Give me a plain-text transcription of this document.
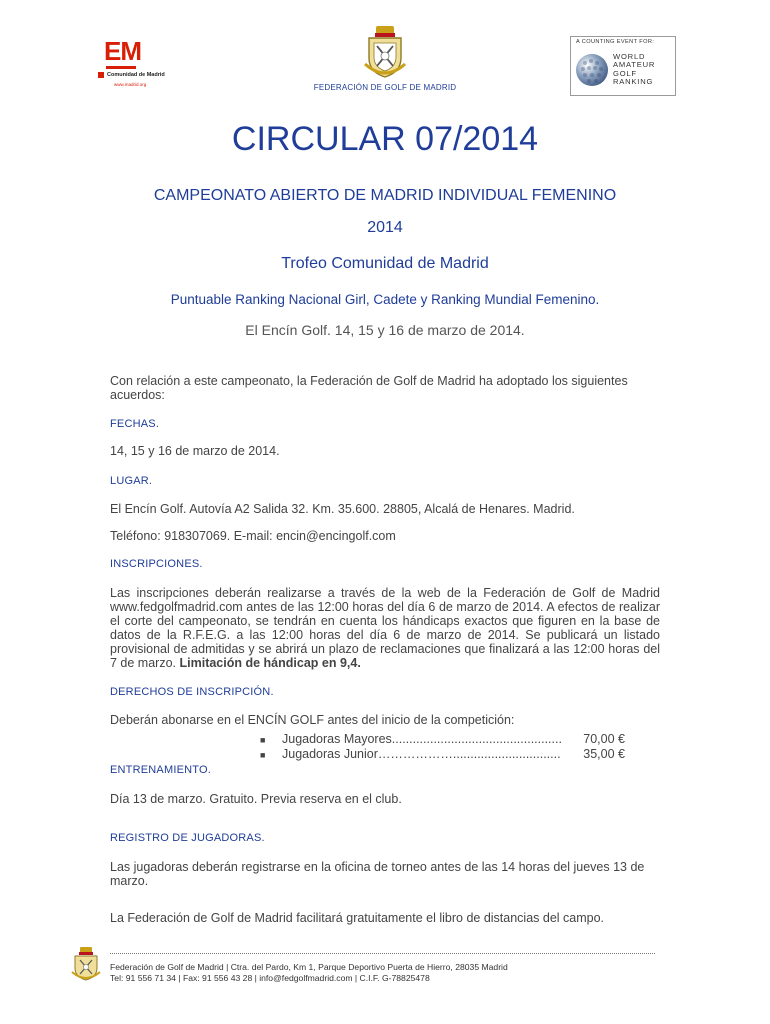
EM
Comunidad de Madrid
www.madrid.org	FEDERACIÓN DE GOLF DE MADRID
A COUNTING EVENT FOR:
WORLD
AMATEUR
GOLF
RANKING
CIRCULAR 07/2014
CAMPEONATO ABIERTO DE MADRID INDIVIDUAL FEMENINO
2014
Trofeo Comunidad de Madrid
Puntuable Ranking Nacional Girl, Cadete y Ranking Mundial Femenino.
El Encín Golf. 14, 15 y 16 de marzo de 2014.
Con relación a este campeonato, la Federación de Golf de Madrid ha adoptado los siguientes acuerdos:
FECHAS.
14, 15 y 16 de marzo de 2014.
LUGAR.
El Encín Golf. Autovía A2 Salida 32. Km. 35.600. 28805, Alcalá de Henares. Madrid.
Teléfono: 918307069. E-mail: encin@encingolf.com
INSCRIPCIONES.
Las inscripciones deberán realizarse a través de la web de la Federación de Golf de Madrid www.fedgolfmadrid.com antes de las 12:00 horas del día 6 de marzo de 2014. A efectos de realizar el corte del campeonato, se tendrán en cuenta los hándicaps exactos que figuren en la base de datos de la R.F.E.G. a las 12:00 horas del día 6 de marzo de 2014. Se publicará un listado provisional de admitidas y se abrirá un plazo de reclamaciones que finalizará a las 12:00 horas del 7 de marzo. Limitación de hándicap en 9,4.
DERECHOS DE INSCRIPCIÓN.
Deberán abonarse en el ENCÍN GOLF antes del inicio de la competición:
■	Jugadoras Mayores.................................................	70,00 €
■	Jugadoras Junior………………...............................	35,00 €
ENTRENAMIENTO.
Día 13 de marzo. Gratuito. Previa reserva en el club.
REGISTRO DE JUGADORAS.
Las jugadoras deberán registrarse en la oficina de torneo antes de las 14 horas del jueves 13 de marzo.
La Federación de Golf de Madrid facilitará gratuitamente el libro de distancias del campo.
Federación de Golf de Madrid | Ctra. del Pardo, Km 1, Parque Deportivo Puerta de Hierro, 28035 Madrid
Tel: 91 556 71 34 | Fax: 91 556 43 28 | info@fedgolfmadrid.com | C.I.F. G-78825478
